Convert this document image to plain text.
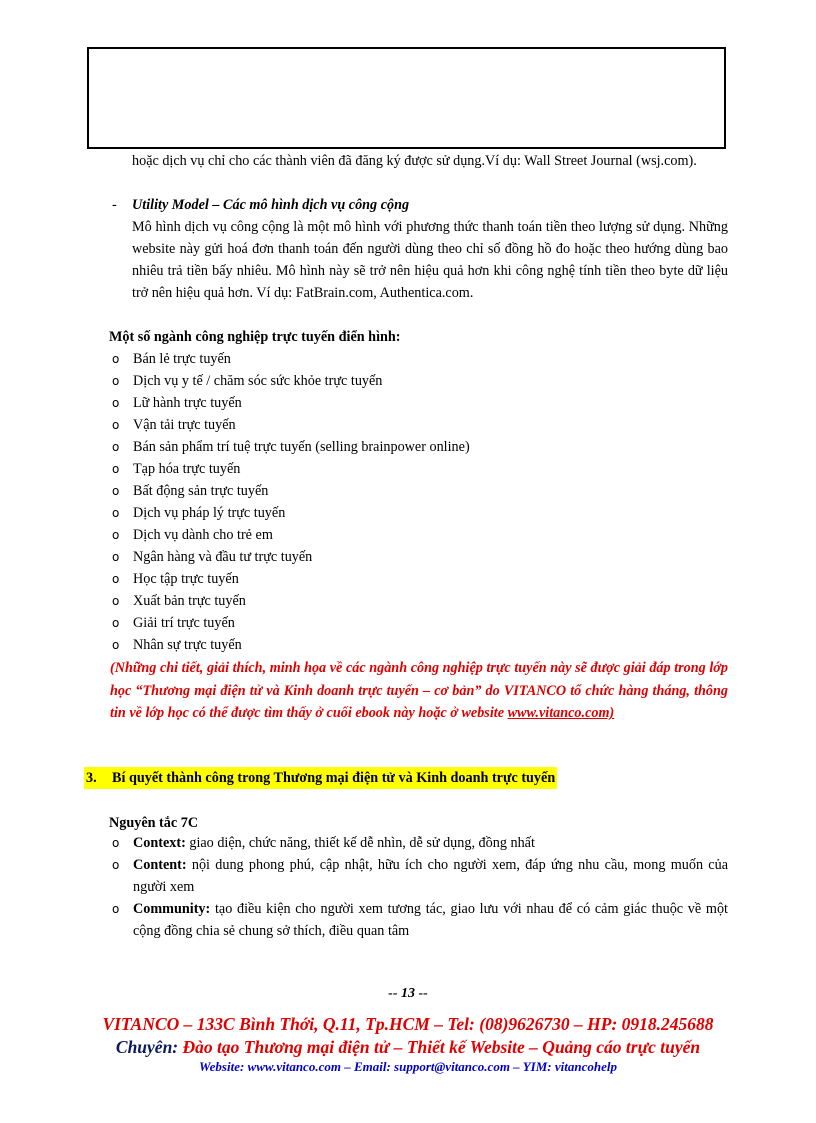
hoặc dịch vụ chỉ cho các thành viên đã đăng ký được sử dụng.Ví dụ: Wall Street Journal (wsj.com).
- Utility Model – Các mô hình dịch vụ công cộng
Mô hình dịch vụ công cộng là một mô hình với phương thức thanh toán tiền theo lượng sử dụng. Những website này gửi hoá đơn thanh toán đến người dùng theo chỉ số đồng hồ đo hoặc theo hướng dùng bao nhiêu trả tiền bấy nhiêu. Mô hình này sẽ trở nên hiệu quả hơn khi công nghệ tính tiền theo byte dữ liệu trở nên hiệu quả hơn. Ví dụ: FatBrain.com, Authentica.com.
Một số ngành công nghiệp trực tuyến điển hình:
o Bán lẻ trực tuyến
o Dịch vụ y tế / chăm sóc sức khỏe trực tuyến
o Lữ hành trực tuyến
o Vận tải trực tuyến
o Bán sản phẩm trí tuệ trực tuyến (selling brainpower online)
o Tạp hóa trực tuyến
o Bất động sản trực tuyến
o Dịch vụ pháp lý trực tuyến
o Dịch vụ dành cho trẻ em
o Ngân hàng và đầu tư trực tuyến
o Học tập trực tuyến
o Xuất bản trực tuyến
o Giải trí trực tuyến
o Nhân sự trực tuyến
(Những chi tiết, giải thích, minh họa về các ngành công nghiệp trực tuyến này sẽ được giải đáp trong lớp học “Thương mại điện tử và Kinh doanh trực tuyến – cơ bản” do VITANCO tổ chức hàng tháng, thông tin về lớp học có thể được tìm thấy ở cuối ebook này hoặc ở website www.vitanco.com)
3. Bí quyết thành công trong Thương mại điện tử và Kinh doanh trực tuyến
Nguyên tắc 7C
o Context: giao diện, chức năng, thiết kế dễ nhìn, dễ sử dụng, đồng nhất
o Content: nội dung phong phú, cập nhật, hữu ích cho người xem, đáp ứng nhu cầu, mong muốn của người xem
o Community: tạo điều kiện cho người xem tương tác, giao lưu với nhau để có cảm giác thuộc về một cộng đồng chia sẻ chung sở thích, điều quan tâm
-- 13 --
VITANCO – 133C Bình Thới, Q.11, Tp.HCM – Tel: (08)9626730 – HP: 0918.245688
Chuyên: Đào tạo Thương mại điện tử – Thiết kế Website – Quảng cáo trực tuyến
Website: www.vitanco.com – Email: support@vitanco.com – YIM: vitancohelp
